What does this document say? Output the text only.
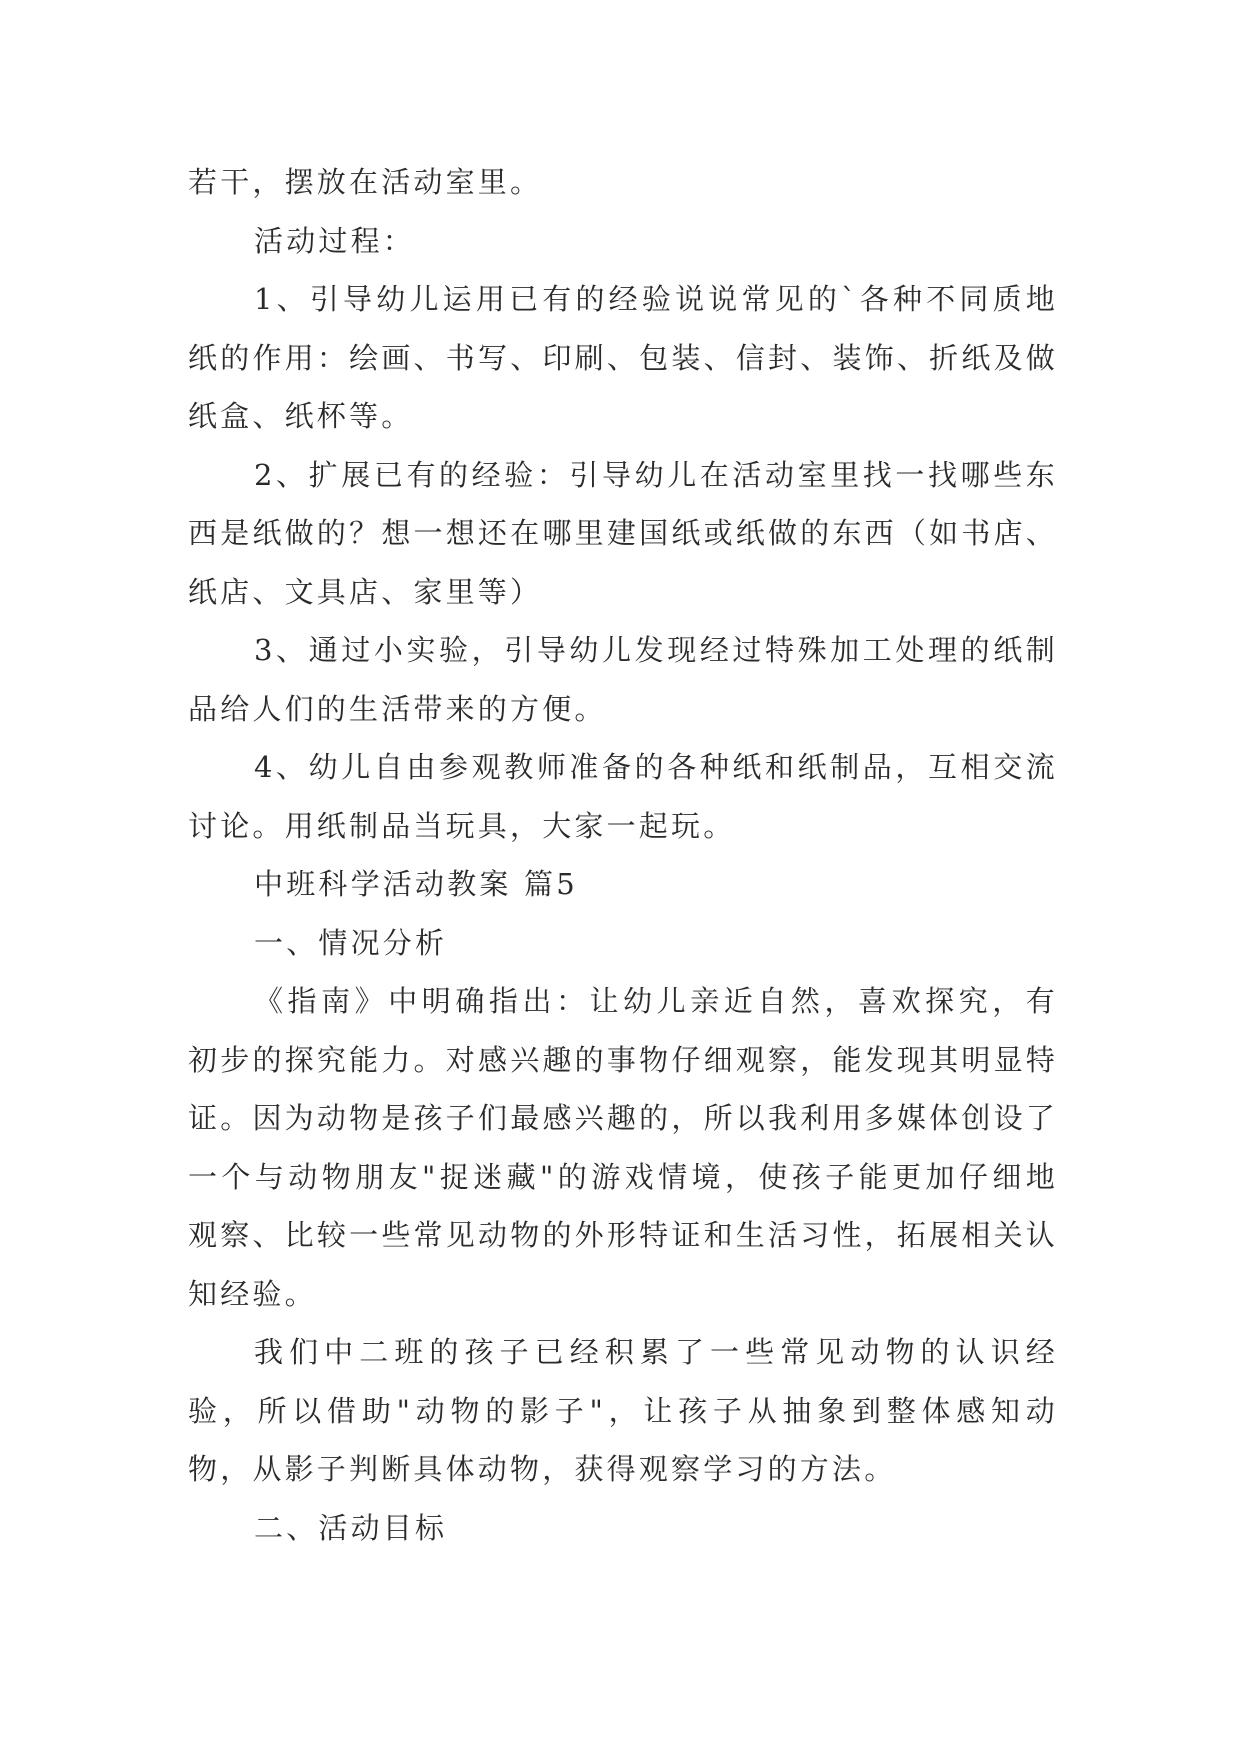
若干，摆放在活动室里。

活动过程：

1、引导幼儿运用已有的经验说说常见的`各种不同质地纸的作用：绘画、书写、印刷、包装、信封、装饰、折纸及做纸盒、纸杯等。

2、扩展已有的经验：引导幼儿在活动室里找一找哪些东西是纸做的？想一想还在哪里建国纸或纸做的东西（如书店、纸店、文具店、家里等）

3、通过小实验，引导幼儿发现经过特殊加工处理的纸制品给人们的生活带来的方便。

4、幼儿自由参观教师准备的各种纸和纸制品，互相交流讨论。用纸制品当玩具，大家一起玩。

中班科学活动教案 篇5

一、情况分析

《指南》中明确指出：让幼儿亲近自然，喜欢探究，有初步的探究能力。对感兴趣的事物仔细观察，能发现其明显特证。因为动物是孩子们最感兴趣的，所以我利用多媒体创设了一个与动物朋友"捉迷藏"的游戏情境，使孩子能更加仔细地观察、比较一些常见动物的外形特证和生活习性，拓展相关认知经验。

我们中二班的孩子已经积累了一些常见动物的认识经验，所以借助"动物的影子"，让孩子从抽象到整体感知动物，从影子判断具体动物，获得观察学习的方法。

二、活动目标
